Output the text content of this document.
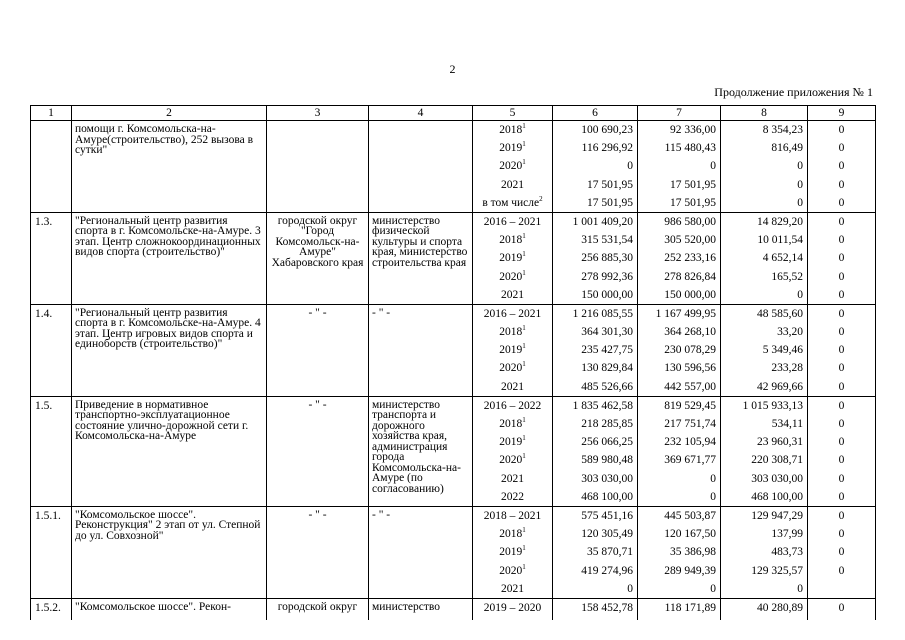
2
Продолжение приложения № 1
1	2	3	4	5	6	7	8	9
	помощи г. Комсомольска-на-Амуре(строительство), 252 вызова в сутки"			2018$^1$	100 690,23	92 336,00	8 354,23	0
				2019$^1$	116 296,92	115 480,43	816,49	0
				2020$^1$	0	0	0	0
				2021	17 501,95	17 501,95	0	0
				в том числе$^2$	17 501,95	17 501,95	0	0
1.3.	"Региональный центр развития спорта в г. Комсомольске-на-Амуре. 3 этап. Центр сложнокоординационных видов спорта (строительство)"	городской округ "Город Комсомольск-на-Амуре" Хабаровского края	министерство физической культуры и спорта края, министерство строительства края	2016 – 2021	1 001 409,20	986 580,00	14 829,20	0
				2018$^1$	315 531,54	305 520,00	10 011,54	0
				2019$^1$	256 885,30	252 233,16	4 652,14	0
				2020$^1$	278 992,36	278 826,84	165,52	0
				2021	150 000,00	150 000,00	0	0
1.4.	"Региональный центр развития спорта в г. Комсомольске-на-Амуре. 4 этап. Центр игровых видов спорта и единоборств (строительство)"	- " -	- " -	2016 – 2021	1 216 085,55	1 167 499,95	48 585,60	0
				2018$^1$	364 301,30	364 268,10	33,20	0
				2019$^1$	235 427,75	230 078,29	5 349,46	0
				2020$^1$	130 829,84	130 596,56	233,28	0
				2021	485 526,66	442 557,00	42 969,66	0
1.5.	Приведение в нормативное транспортно-эксплуатационное состояние улично-дорожной сети г. Комсомольска-на-Амуре	- " -	министерство транспорта и дорожного хозяйства края, администрация города Комсомольска-на-Амуре (по согласованию)	2016 – 2022	1 835 462,58	819 529,45	1 015 933,13	0
				2018$^1$	218 285,85	217 751,74	534,11	0
				2019$^1$	256 066,25	232 105,94	23 960,31	0
				2020$^1$	589 980,48	369 671,77	220 308,71	0
				2021	303 030,00	0	303 030,00	0
				2022	468 100,00	0	468 100,00	0
1.5.1.	"Комсомольское шоссе". Реконструкция" 2 этап от ул. Степной до ул. Совхозной"	- " -	- " -	2018 – 2021	575 451,16	445 503,87	129 947,29	0
				2018$^1$	120 305,49	120 167,50	137,99	0
				2019$^1$	35 870,71	35 386,98	483,73	0
				2020$^1$	419 274,96	289 949,39	129 325,57	0
				2021	0	0	0	
1.5.2.	"Комсомольское шоссе". Рекон-	городской округ	министерство	2019 – 2020	158 452,78	118 171,89	40 280,89	0
